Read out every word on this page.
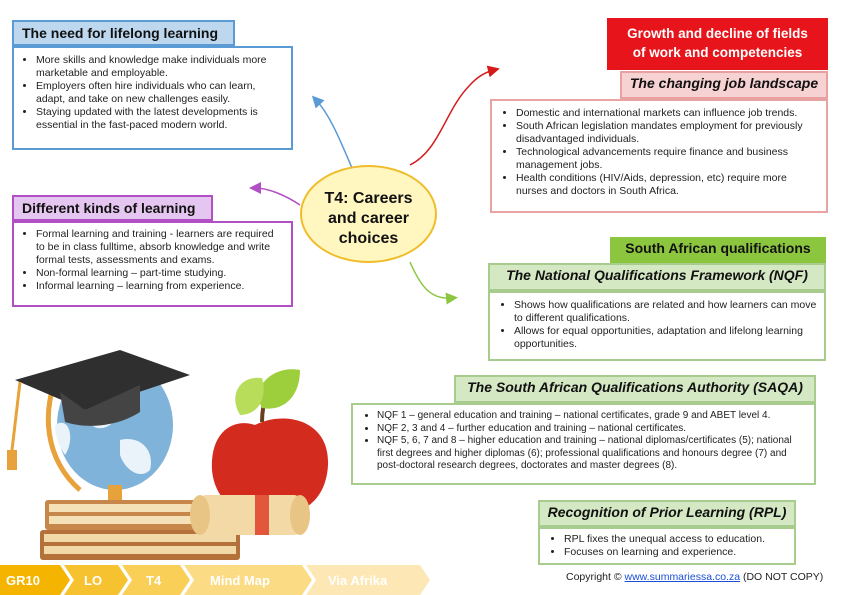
The need for lifelong learning
• More skills and knowledge make individuals more marketable and employable.
• Employers often hire individuals who can learn, adapt, and take on new challenges easily.
• Staying updated with the latest developments is essential in the fast-paced modern world.
Different kinds of learning
• Formal learning and training - learners are required to be in class fulltime, absorb knowledge and write formal tests, assessments and exams.
• Non-formal learning – part-time studying.
• Informal learning – learning from experience.
T4: Careers
and career
choices
Growth and decline of fields
of work and competencies
The changing job landscape
• Domestic and international markets can influence job trends.
• South African legislation mandates employment for previously disadvantaged individuals.
• Technological advancements require finance and business management jobs.
• Health conditions (HIV/Aids, depression, etc) require more nurses and doctors in South Africa.
South African qualifications
The National Qualifications Framework (NQF)
• Shows how qualifications are related and how learners can move to different qualifications.
• Allows for equal opportunities, adaptation and lifelong learning opportunities.
The South African Qualifications Authority (SAQA)
• NQF 1 – general education and training – national certificates, grade 9 and ABET level 4.
• NQF 2, 3 and 4 – further education and training – national certificates.
• NQF 5, 6, 7 and 8 – higher education and training – national diplomas/certificates (5); national first degrees and higher diplomas (6); professional qualifications and honours degree (7) and post-doctoral research degrees, doctorates and master degrees (8).
Recognition of Prior Learning (RPL)
• RPL fixes the unequal access to education.
• Focuses on learning and experience.
GR10	LO	T4	Mind Map	Via Afrika	Copyright © www.summariessa.co.za (DO NOT COPY)
